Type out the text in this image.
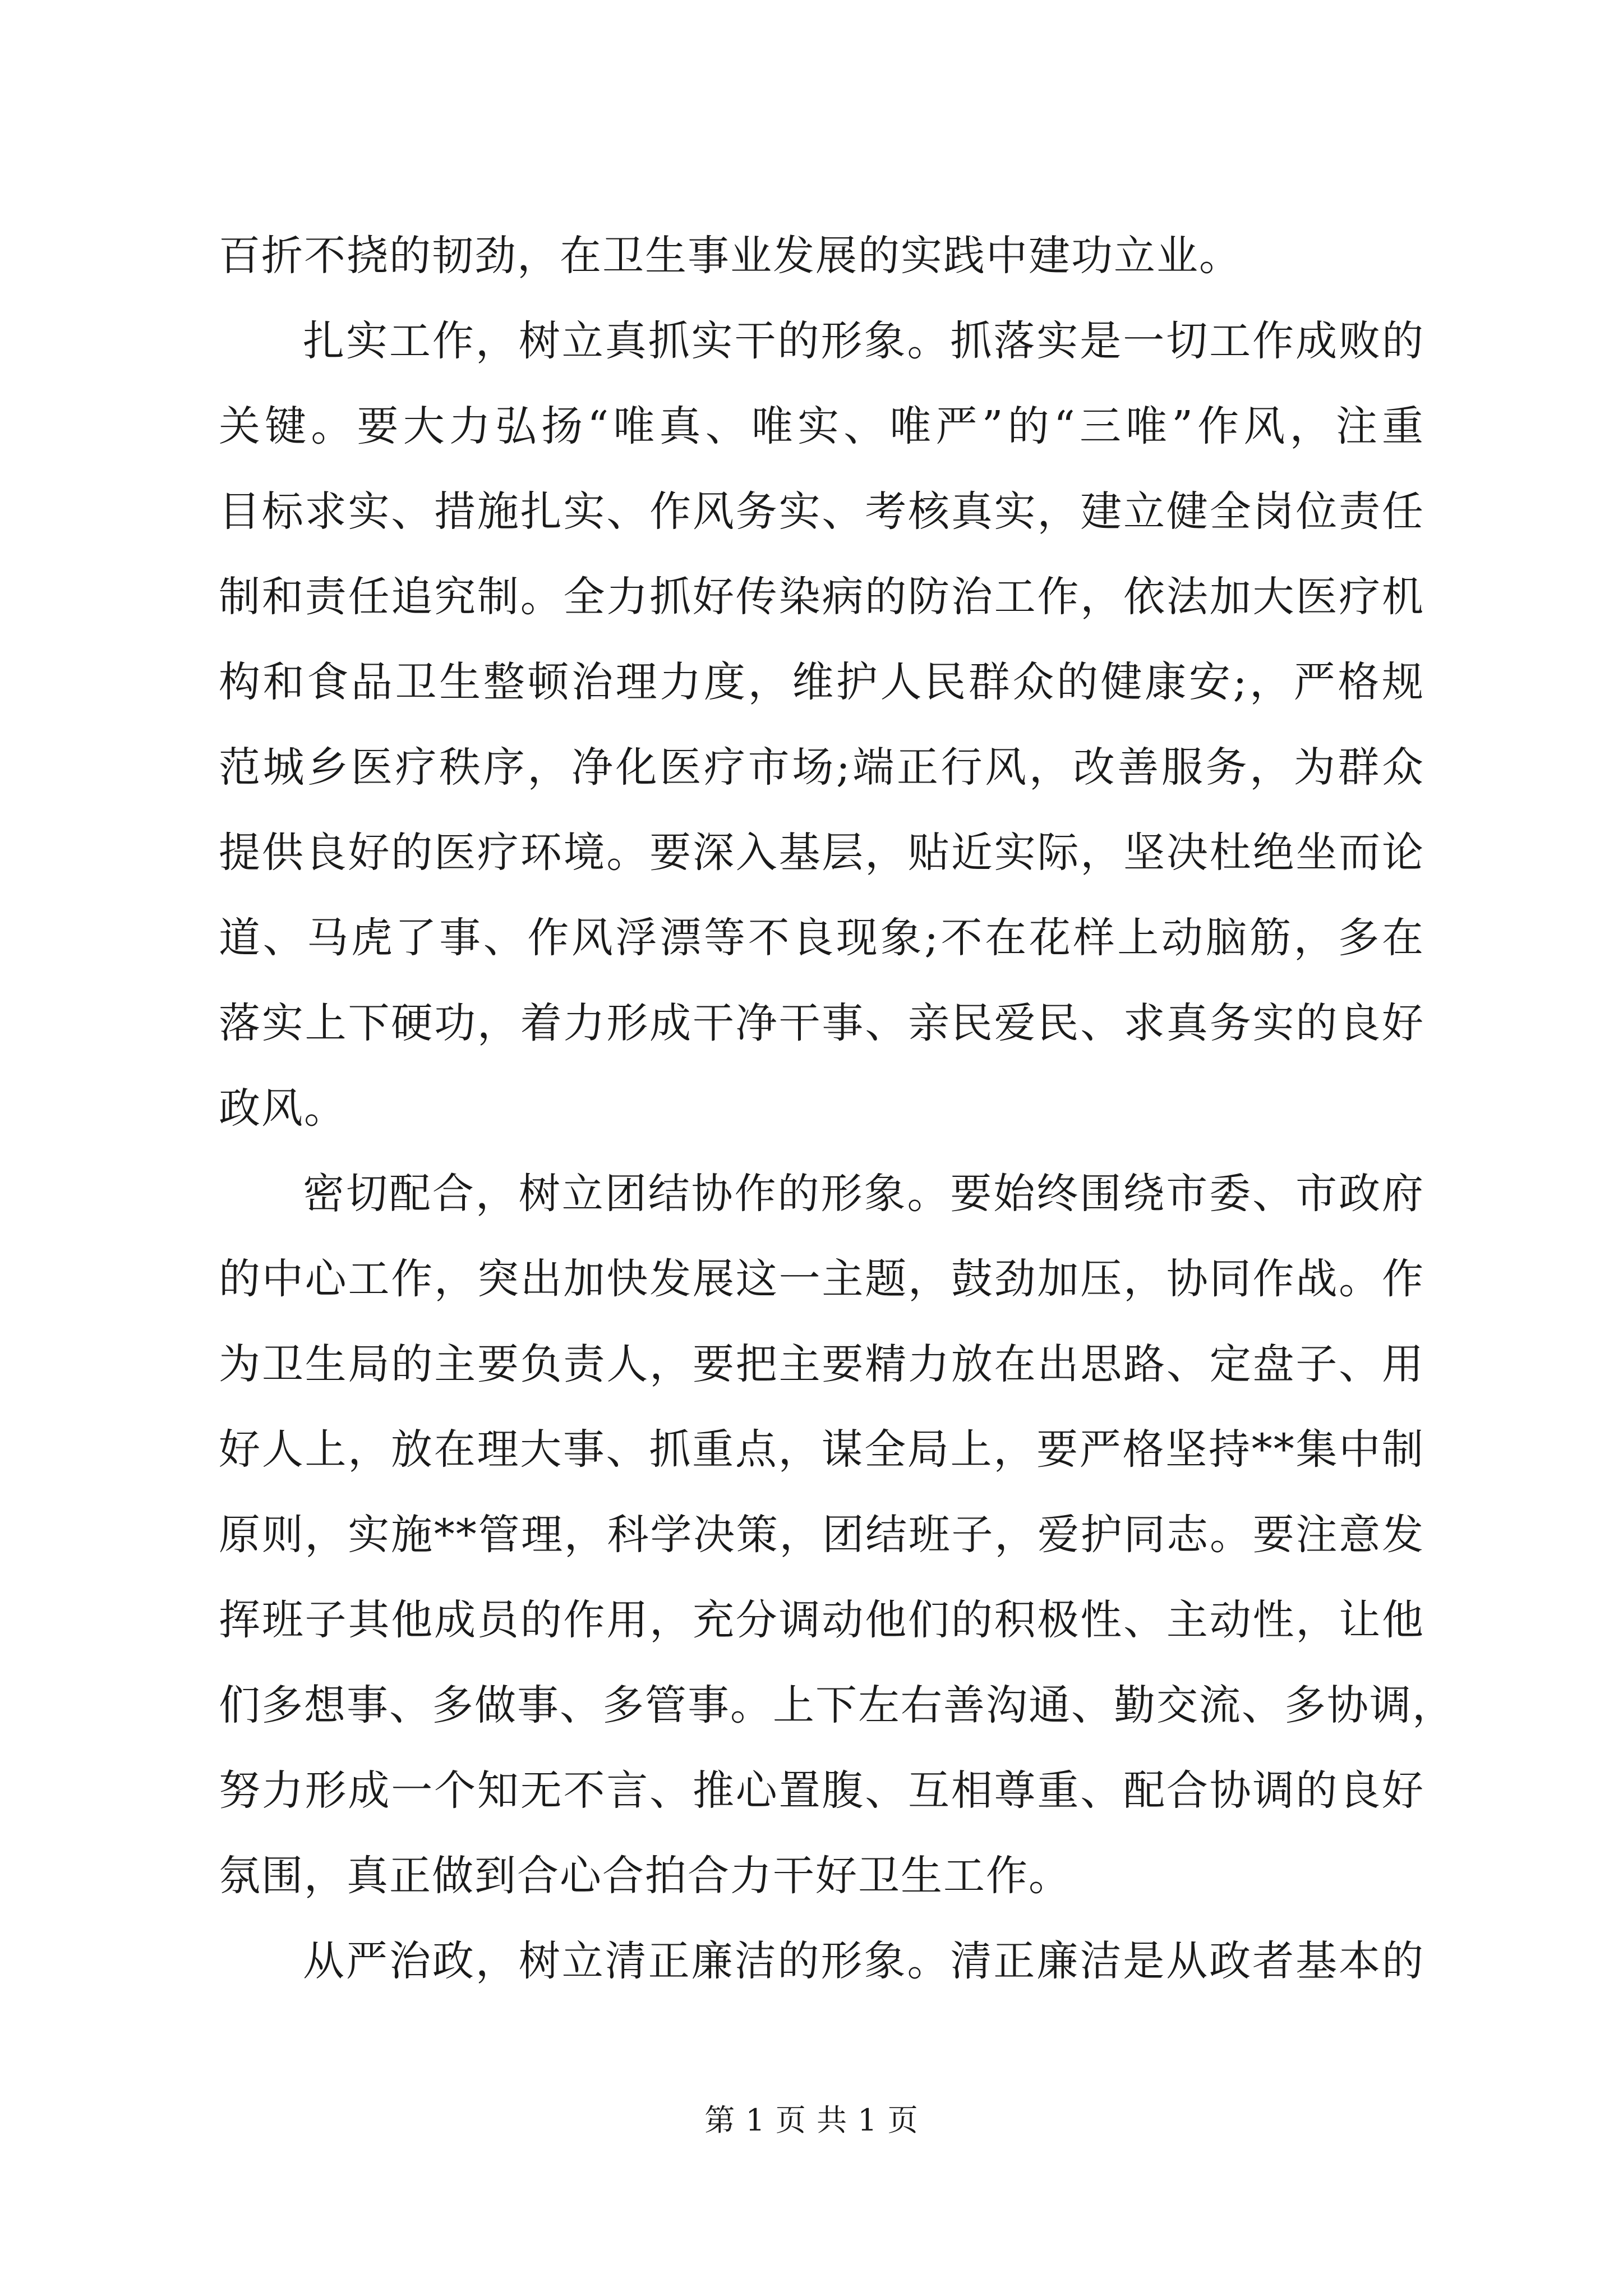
百折不挠的韧劲，在卫生事业发展的实践中建功立业。
扎实工作，树立真抓实干的形象。抓落实是一切工作成败的
关键。要大力弘扬“唯真、唯实、唯严”的“三唯”作风，注重
目标求实、措施扎实、作风务实、考核真实，建立健全岗位责任
制和责任追究制。全力抓好传染病的防治工作，依法加大医疗机
构和食品卫生整顿治理力度，维护人民群众的健康安;，严格规
范城乡医疗秩序，净化医疗市场;端正行风，改善服务，为群众
提供良好的医疗环境。要深入基层，贴近实际，坚决杜绝坐而论
道、马虎了事、作风浮漂等不良现象;不在花样上动脑筋，多在
落实上下硬功，着力形成干净干事、亲民爱民、求真务实的良好
政风。
密切配合，树立团结协作的形象。要始终围绕市委、市政府
的中心工作，突出加快发展这一主题，鼓劲加压，协同作战。作
为卫生局的主要负责人，要把主要精力放在出思路、定盘子、用
好人上，放在理大事、抓重点，谋全局上，要严格坚持**集中制
原则，实施**管理，科学决策，团结班子，爱护同志。要注意发
挥班子其他成员的作用，充分调动他们的积极性、主动性，让他
们多想事、多做事、多管事。上下左右善沟通、勤交流、多协调，
努力形成一个知无不言、推心置腹、互相尊重、配合协调的良好
氛围，真正做到合心合拍合力干好卫生工作。
从严治政，树立清正廉洁的形象。清正廉洁是从政者基本的
第 1 页 共 1 页
